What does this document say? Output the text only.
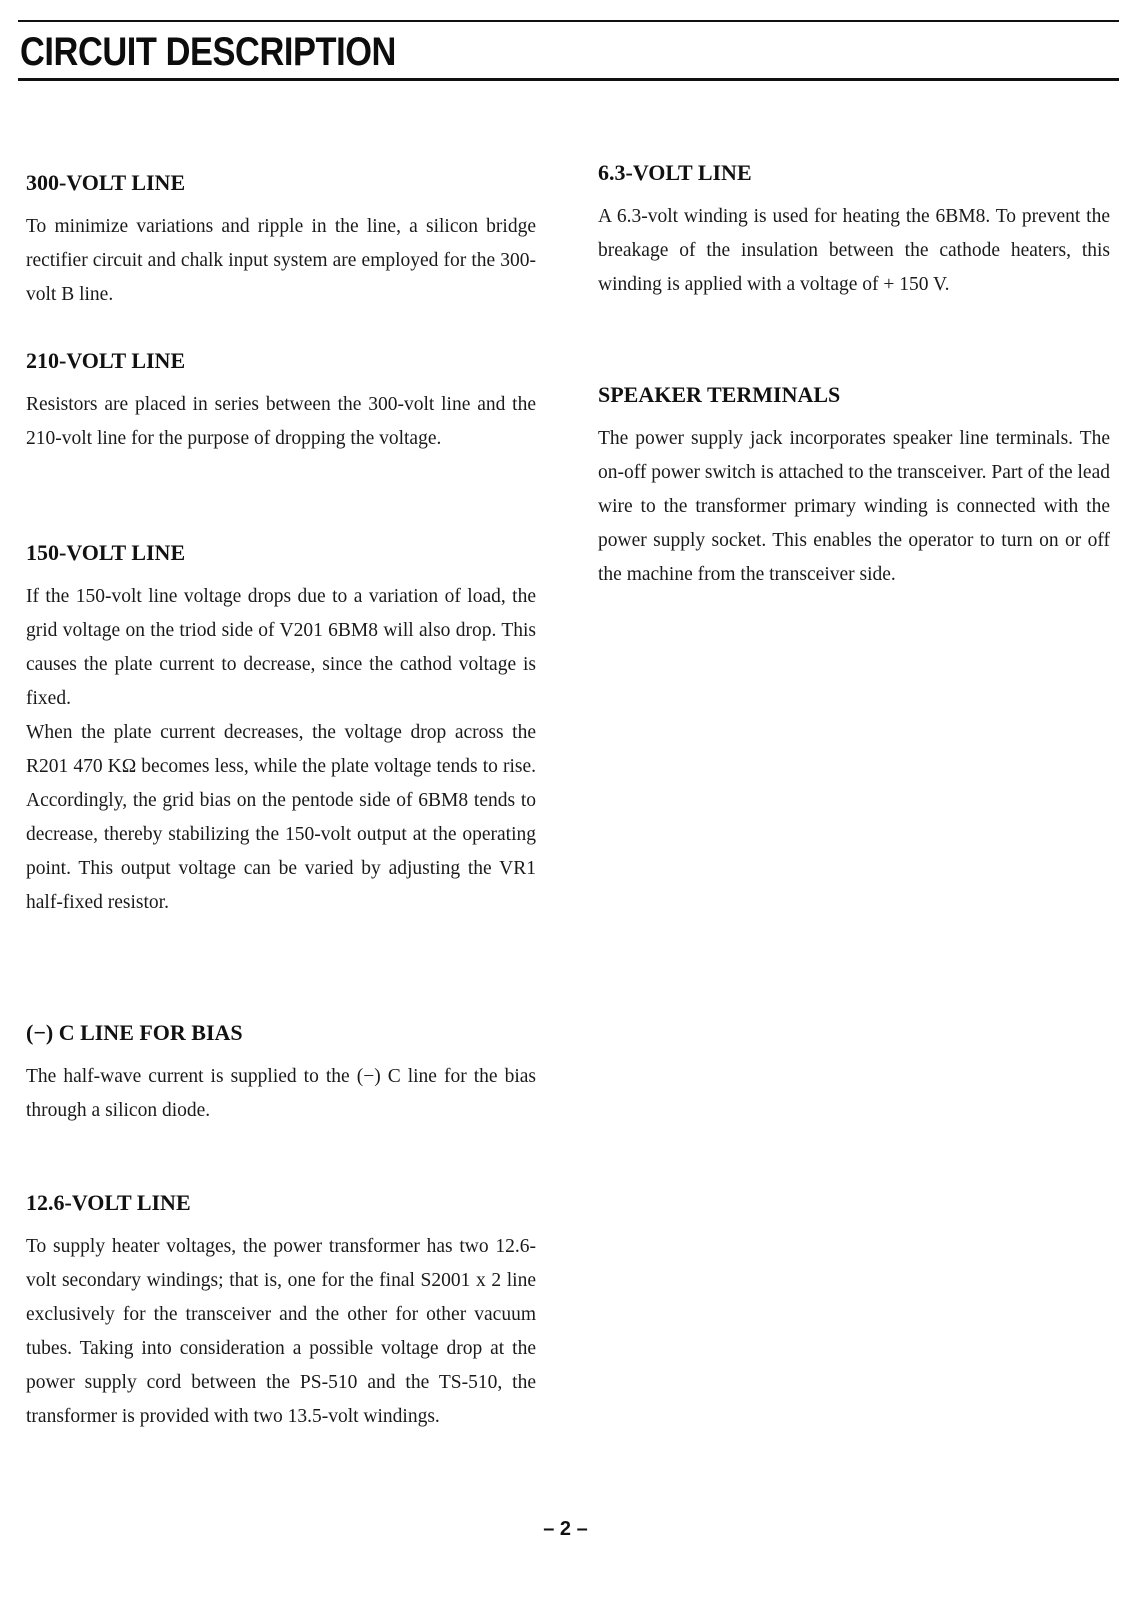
CIRCUIT DESCRIPTION
300-VOLT LINE

To minimize variations and ripple in the line, a silicon bridge rectifier circuit and chalk input system are employed for the 300-volt B line.

210-VOLT LINE

Resistors are placed in series between the 300-volt line and the 210-volt line for the purpose of dropping the voltage.

150-VOLT LINE

If the 150-volt line voltage drops due to a variation of load, the grid voltage on the triod side of V201 6BM8 will also drop. This causes the plate current to decrease, since the cathod voltage is fixed.

When the plate current decreases, the voltage drop across the R201 470 KΩ becomes less, while the plate voltage tends to rise. Accordingly, the grid bias on the pentode side of 6BM8 tends to decrease, thereby stabilizing the 150-volt output at the operating point. This output voltage can be varied by adjusting the VR1 half-fixed resistor.

(−) C LINE FOR BIAS

The half-wave current is supplied to the (−) C line for the bias through a silicon diode.

12.6-VOLT LINE

To supply heater voltages, the power transformer has two 12.6-volt secondary windings; that is, one for the final S2001 x 2 line exclusively for the transceiver and the other for other vacuum tubes. Taking into consideration a possible voltage drop at the power supply cord between the PS-510 and the TS-510, the transformer is provided with two 13.5-volt windings.

6.3-VOLT LINE

A 6.3-volt winding is used for heating the 6BM8. To prevent the breakage of the insulation between the cathode heaters, this winding is applied with a voltage of + 150 V.

SPEAKER TERMINALS

The power supply jack incorporates speaker line terminals. The on-off power switch is attached to the transceiver. Part of the lead wire to the transformer primary winding is connected with the power supply socket. This enables the operator to turn on or off the machine from the transceiver side.

– 2 –
